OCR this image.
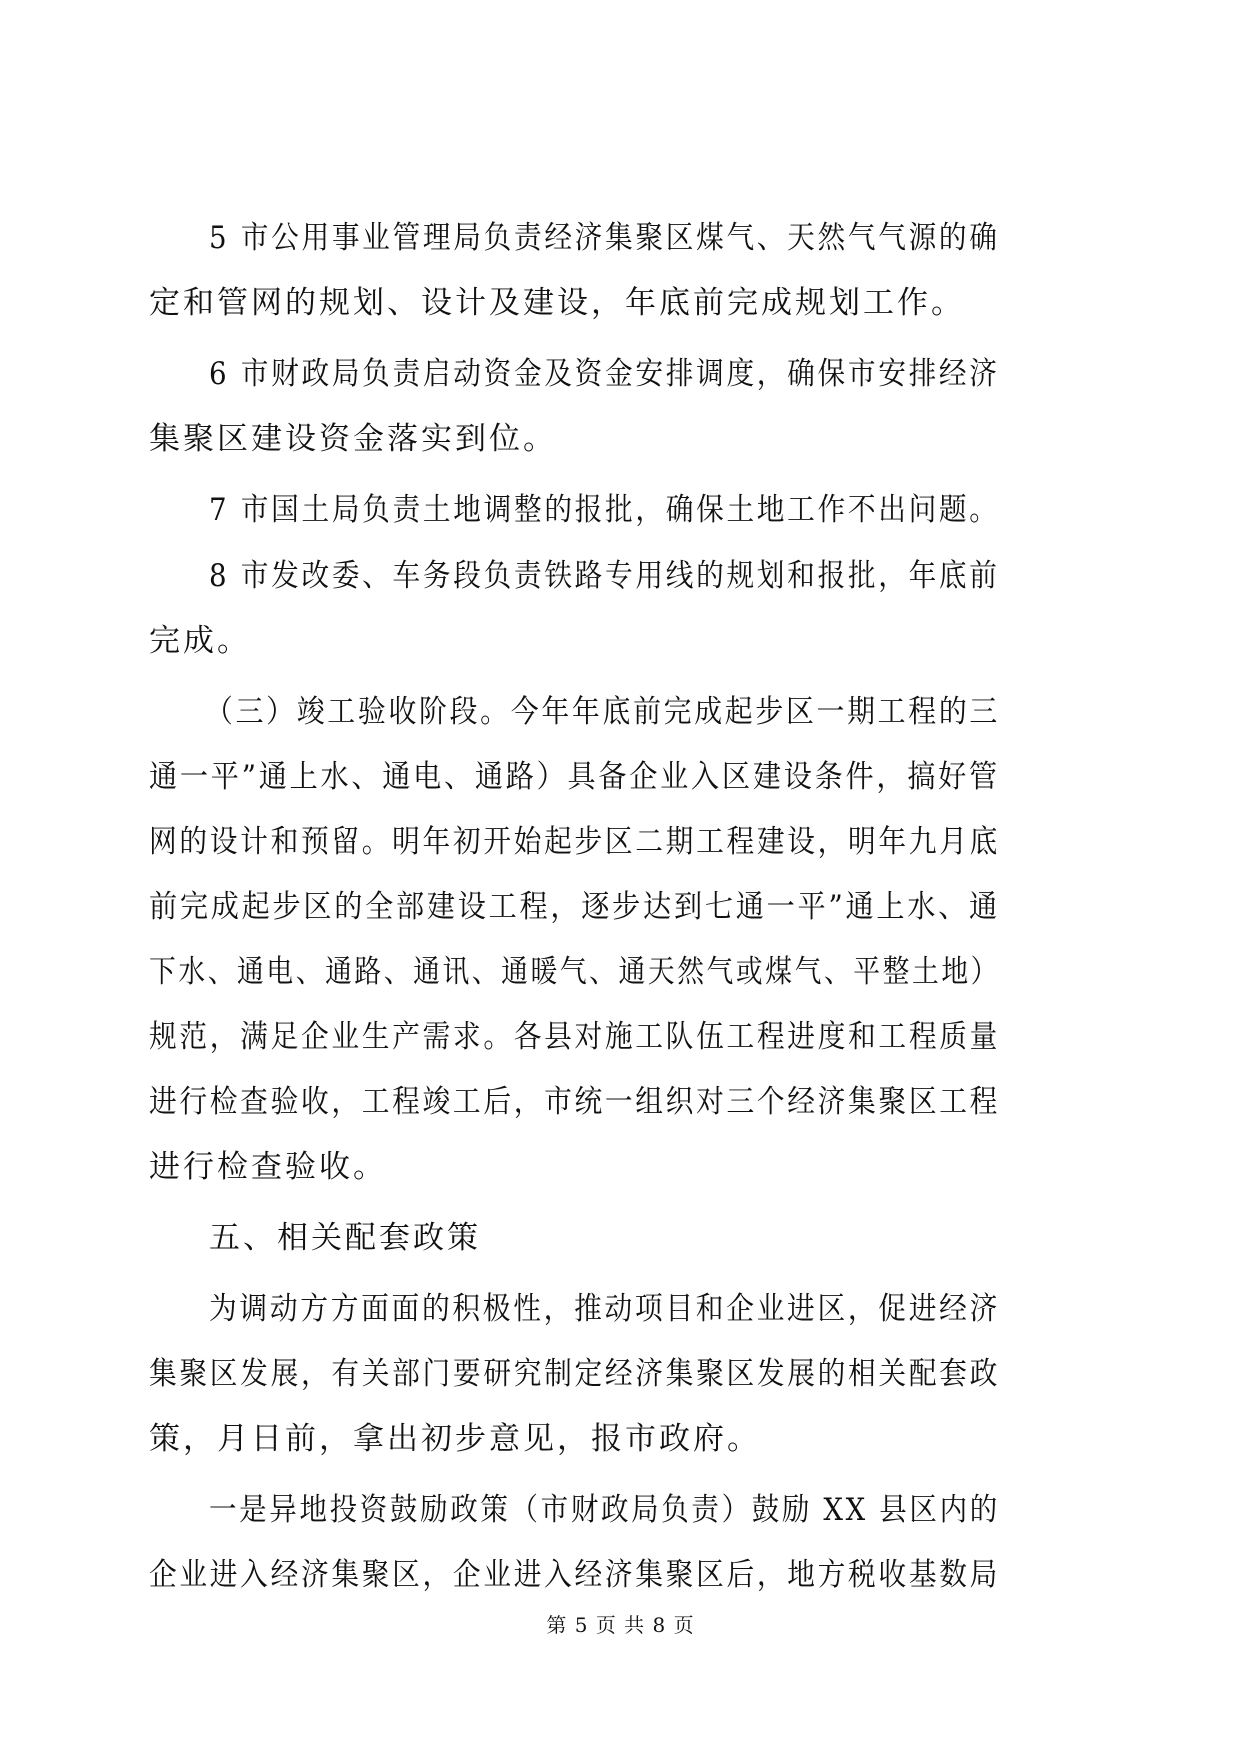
5 市公用事业管理局负责经济集聚区煤气、天然气气源的确
定和管网的规划、设计及建设，年底前完成规划工作。
6 市财政局负责启动资金及资金安排调度，确保市安排经济
集聚区建设资金落实到位。
7 市国土局负责土地调整的报批，确保土地工作不出问题。
8 市发改委、车务段负责铁路专用线的规划和报批，年底前
完成。
（三）竣工验收阶段。今年年底前完成起步区一期工程的三
通一平”通上水、通电、通路）具备企业入区建设条件，搞好管
网的设计和预留。明年初开始起步区二期工程建设，明年九月底
前完成起步区的全部建设工程，逐步达到七通一平”通上水、通
下水、通电、通路、通讯、通暖气、通天然气或煤气、平整土地）
规范，满足企业生产需求。各县对施工队伍工程进度和工程质量
进行检查验收，工程竣工后，市统一组织对三个经济集聚区工程
进行检查验收。
五、相关配套政策
为调动方方面面的积极性，推动项目和企业进区，促进经济
集聚区发展，有关部门要研究制定经济集聚区发展的相关配套政
策，月日前，拿出初步意见，报市政府。
一是异地投资鼓励政策（市财政局负责）鼓励 XX 县区内的
企业进入经济集聚区，企业进入经济集聚区后，地方税收基数局
第 5 页 共 8 页
